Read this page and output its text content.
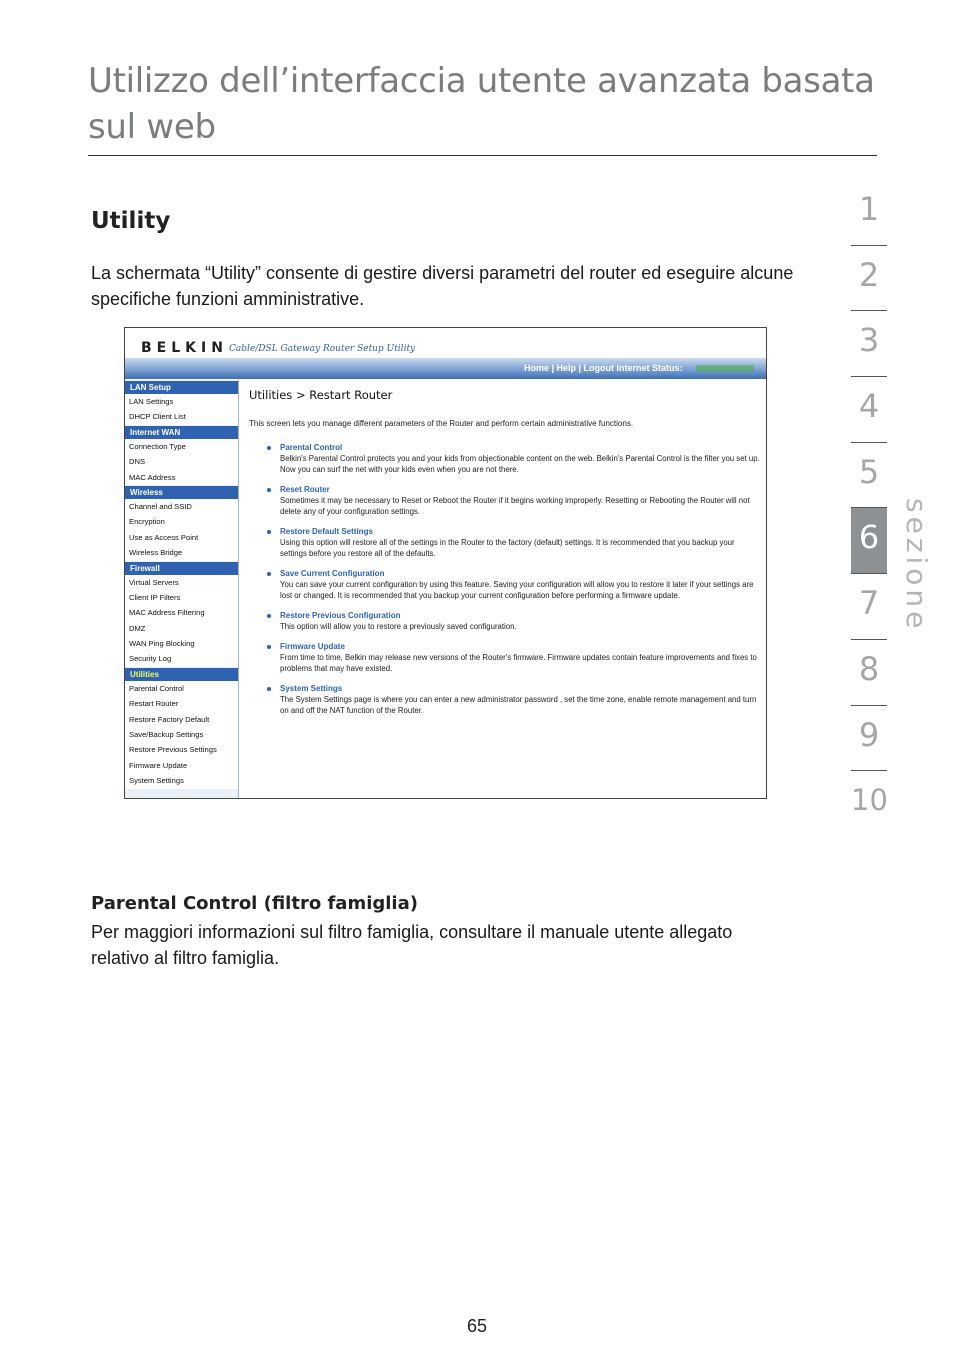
Utilizzo dell’interfaccia utente avanzata basata sul web
1
2
3
4
5
6
7
8
9
10
sezione
Utility

La schermata “Utility” consente di gestire diversi parametri del router ed eseguire alcune specifiche funzioni amministrative.

BELKIN Cable/DSL Gateway Router Setup Utility
Home | Help | Logout Internet Status:
LAN Setup
LAN Settings
DHCP Client List
Internet WAN
Connection Type
DNS
MAC Address
Wireless
Channel and SSID
Encryption
Use as Access Point
Wireless Bridge
Firewall
Virtual Servers
Client IP Filters
MAC Address Filtering
DMZ
WAN Ping Blocking
Security Log
Utilities
Parental Control
Restart Router
Restore Factory Default
Save/Backup Settings
Restore Previous Settings
Firmware Update
System Settings

Utilities > Restart Router

This screen lets you manage different parameters of the Router and perform certain administrative functions.

Parental Control
Belkin's Parental Control protects you and your kids from objectionable content on the web. Belkin's Parental Control is the filter you set up. Now you can surf the net with your kids even when you are not there.
Reset Router
Sometimes it may be necessary to Reset or Reboot the Router if it begins working improperly. Resetting or Rebooting the Router will not delete any of your configuration settings.
Restore Default Settings
Using this option will restore all of the settings in the Router to the factory (default) settings. It is recommended that you backup your settings before you restore all of the defaults.
Save Current Configuration
You can save your current configuration by using this feature. Saving your configuration will allow you to restore it later if your settings are lost or changed. It is recommended that you backup your current configuration before performing a firmware update.
Restore Previous Configuration
This option will allow you to restore a previously saved configuration.
Firmware Update
From time to time, Belkin may release new versions of the Router's firmware. Firmware updates contain feature improvements and fixes to problems that may have existed.
System Settings
The System Settings page is where you can enter a new administrator password , set the time zone, enable remote management and turn on and off the NAT function of the Router.
Parental Control (filtro famiglia)

Per maggiori informazioni sul filtro famiglia, consultare il manuale utente allegato relativo al filtro famiglia.

65
